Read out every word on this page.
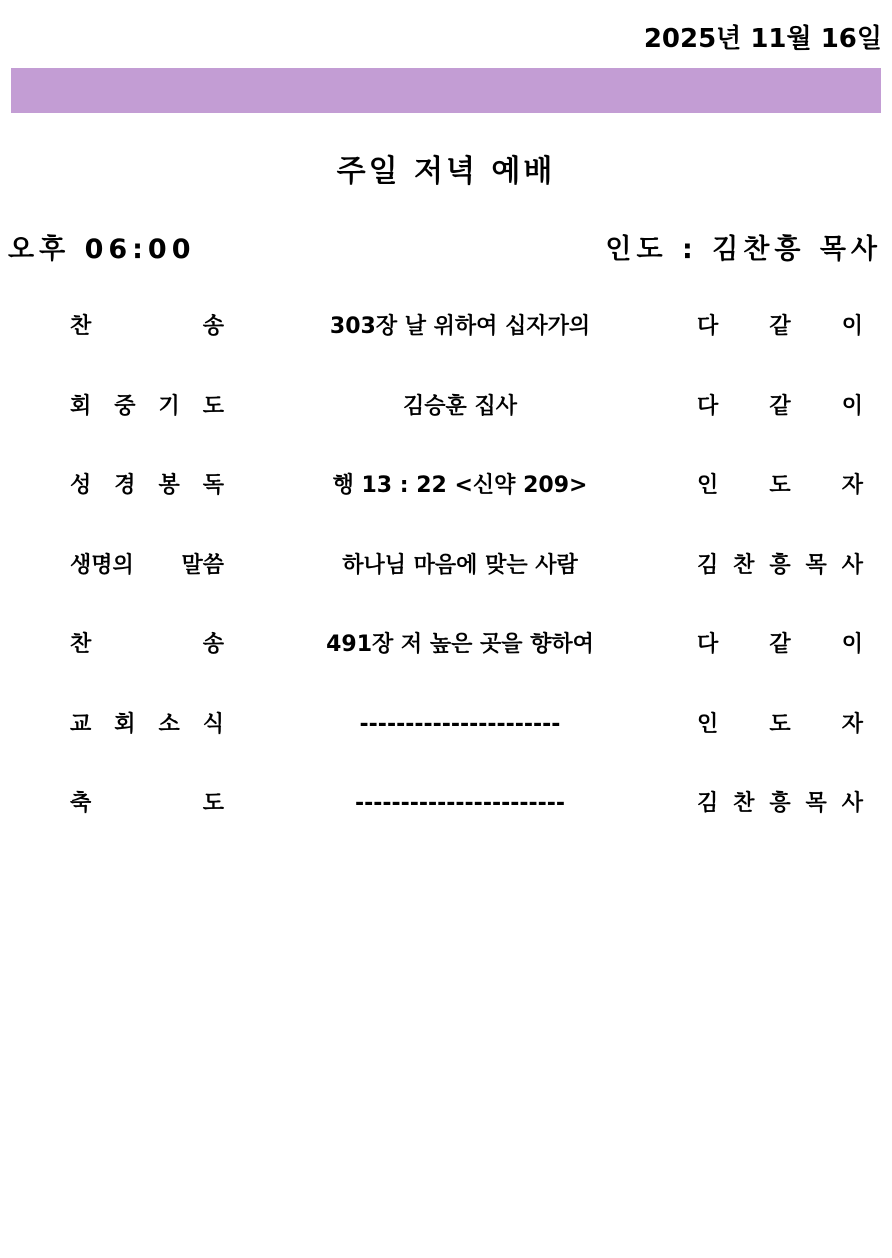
2025년 11월 16일
주일 저녁 예배
오후 06:00	인도 : 김찬흥 목사
찬 송	303장 날 위하여 십자가의	다 같 이
회 중 기 도	김승훈 집사	다 같 이
성 경 봉 독	행 13 : 22 <신약 209>	인 도 자
생명의 말씀	하나님 마음에 맞는 사람	김 찬 흥 목 사
찬 송	491장 저 높은 곳을 향하여	다 같 이
교 회 소 식	----------------------	인 도 자
축 도	-----------------------	김 찬 흥 목 사
